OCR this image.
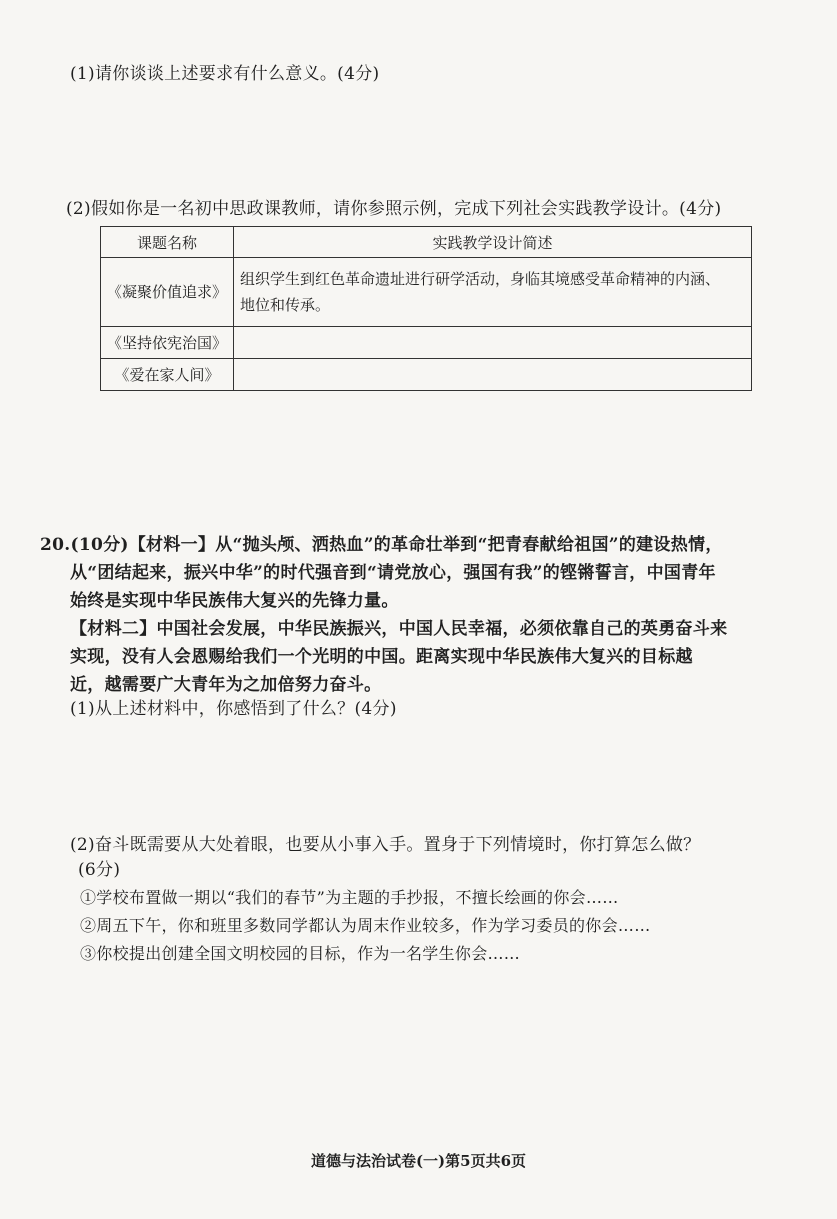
(1)请你谈谈上述要求有什么意义。(4分)
(2)假如你是一名初中思政课教师，请你参照示例，完成下列社会实践教学设计。(4分)
课题名称	实践教学设计简述
《凝聚价值追求》	组织学生到红色革命遗址进行研学活动，身临其境感受革命精神的内涵、
地位和传承。

《坚持依宪治国》	
《爱在家人间》	
20.(10分)【材料一】从“抛头颅、洒热血”的革命壮举到“把青春献给祖国”的建设热情，
从“团结起来，振兴中华”的时代强音到“请党放心，强国有我”的铿锵誓言，中国青年
始终是实现中华民族伟大复兴的先锋力量。
【材料二】中国社会发展，中华民族振兴，中国人民幸福，必须依靠自己的英勇奋斗来
实现，没有人会恩赐给我们一个光明的中国。距离实现中华民族伟大复兴的目标越
近，越需要广大青年为之加倍努力奋斗。
(1)从上述材料中，你感悟到了什么？(4分)
(2)奋斗既需要从大处着眼，也要从小事入手。置身于下列情境时，你打算怎么做？
(6分)
①学校布置做一期以“我们的春节”为主题的手抄报，不擅长绘画的你会……
②周五下午，你和班里多数同学都认为周末作业较多，作为学习委员的你会……
③你校提出创建全国文明校园的目标，作为一名学生你会……
道德与法治试卷(一)第5页共6页
